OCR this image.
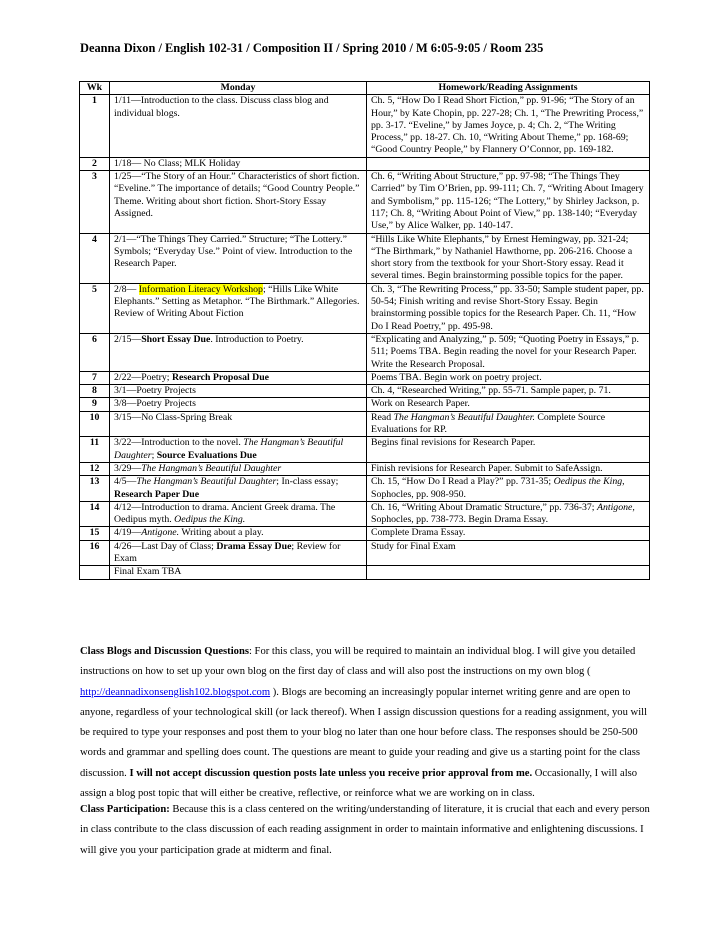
Deanna Dixon / English 102-31 / Composition II / Spring 2010 / M 6:05-9:05 / Room 235
Wk	Monday	Homework/Reading Assignments
1	1/11—Introduction to the class. Discuss class blog and individual blogs.	Ch. 5, “How Do I Read Short Fiction,” pp. 91-96; “The Story of an Hour,” by Kate Chopin, pp. 227-28; Ch. 1, “The Prewriting Process,” pp. 3-17. “Eveline,” by James Joyce, p. 4; Ch. 2, “The Writing Process,” pp. 18-27. Ch. 10, “Writing About Theme,” pp. 168-69; “Good Country People,” by Flannery O’Connor, pp. 169-182.
2	1/18— No Class; MLK Holiday	
3	1/25—“The Story of an Hour.” Characteristics of short fiction. “Eveline.” The importance of details; “Good Country People.” Theme. Writing about short fiction. Short-Story Essay Assigned.	Ch. 6, “Writing About Structure,” pp. 97-98; “The Things They Carried” by Tim O’Brien, pp. 99-111; Ch. 7, “Writing About Imagery and Symbolism,” pp. 115-126; “The Lottery,” by Shirley Jackson, p. 117; Ch. 8, “Writing About Point of View,” pp. 138-140; “Everyday Use,” by Alice Walker, pp. 140-147.
4	2/1—“The Things They Carried.” Structure; “The Lottery.” Symbols; “Everyday Use.” Point of view. Introduction to the Research Paper.	“Hills Like White Elephants,” by Ernest Hemingway, pp. 321-24; “The Birthmark,” by Nathaniel Hawthorne, pp. 206-216. Choose a short story from the textbook for your Short-Story essay. Read it several times. Begin brainstorming possible topics for the paper.
5	2/8— Information Literacy Workshop; “Hills Like White Elephants.” Setting as Metaphor. “The Birthmark.” Allegories. Review of Writing About Fiction	Ch. 3, “The Rewriting Process,” pp. 33-50; Sample student paper, pp. 50-54; Finish writing and revise Short-Story Essay. Begin brainstorming possible topics for the Research Paper. Ch. 11, “How Do I Read Poetry,” pp. 495-98.
6	2/15—Short Essay Due. Introduction to Poetry.	“Explicating and Analyzing,” p. 509; “Quoting Poetry in Essays,” p. 511; Poems TBA. Begin reading the novel for your Research Paper. Write the Research Proposal.
7	2/22—Poetry; Research Proposal Due	Poems TBA. Begin work on poetry project.
8	3/1—Poetry Projects	Ch. 4, “Researched Writing,” pp. 55-71. Sample paper, p. 71.
9	3/8—Poetry Projects	Work on Research Paper.
10	3/15—No Class-Spring Break	Read The Hangman’s Beautiful Daughter. Complete Source Evaluations for RP.
11	3/22—Introduction to the novel. The Hangman’s Beautiful Daughter; Source Evaluations Due	Begins final revisions for Research Paper.
12	3/29—The Hangman’s Beautiful Daughter	Finish revisions for Research Paper. Submit to SafeAssign.
13	4/5—The Hangman’s Beautiful Daughter; In-class essay; Research Paper Due	Ch. 15, “How Do I Read a Play?” pp. 731-35; Oedipus the King, Sophocles, pp. 908-950.
14	4/12—Introduction to drama. Ancient Greek drama. The Oedipus myth. Oedipus the King.	Ch. 16, “Writing About Dramatic Structure,” pp. 736-37; Antigone, Sophocles, pp. 738-773. Begin Drama Essay.
15	4/19—Antigone. Writing about a play.	Complete Drama Essay.
16	4/26—Last Day of Class; Drama Essay Due; Review for Exam	Study for Final Exam
	Final Exam TBA	
Class Blogs and Discussion Questions: For this class, you will be required to maintain an individual blog. I will give you detailed instructions on how to set up your own blog on the first day of class and will also post the instructions on my own blog ( http://deannadixonsenglish102.blogspot.com ). Blogs are becoming an increasingly popular internet writing genre and are open to anyone, regardless of your technological skill (or lack thereof). When I assign discussion questions for a reading assignment, you will be required to type your responses and post them to your blog no later than one hour before class. The responses should be 250-500 words and grammar and spelling does count. The questions are meant to guide your reading and give us a starting point for the class discussion. I will not accept discussion question posts late unless you receive prior approval from me. Occasionally, I will also assign a blog post topic that will either be creative, reflective, or reinforce what we are working on in class.
Class Participation: Because this is a class centered on the writing/understanding of literature, it is crucial that each and every person in class contribute to the class discussion of each reading assignment in order to maintain informative and enlightening discussions. I will give you your participation grade at midterm and final.
